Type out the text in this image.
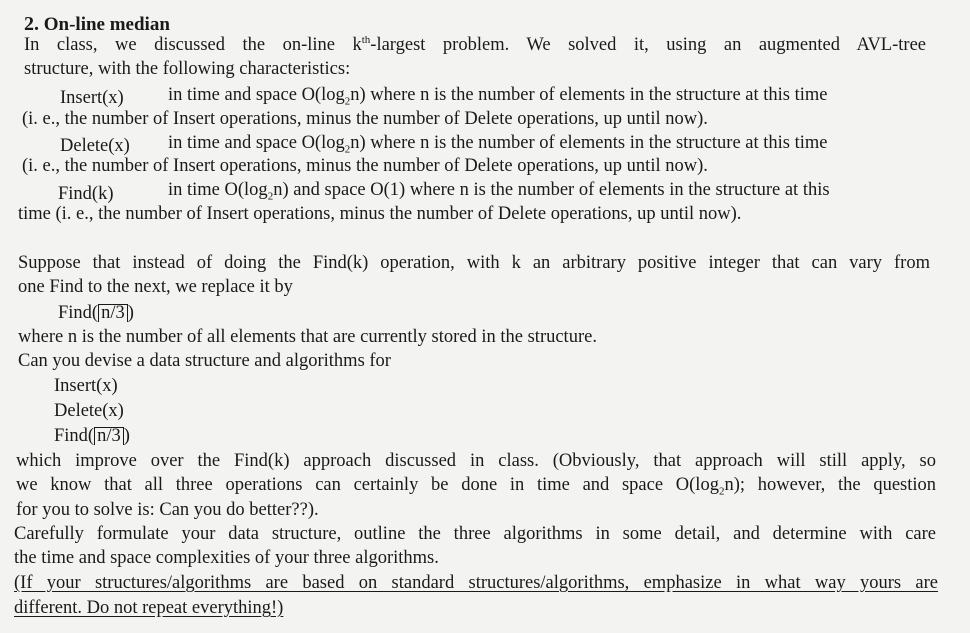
2. On-line median
In class, we discussed the on-line $k^{th}$-largest problem. We solved it, using an augmented AVL-tree
structure, with the following characteristics:
Insert(x) in time and space $O(\log_2n)$ where n is the number of elements in the structure at this time
(i. e., the number of Insert operations, minus the number of Delete operations, up until now).
Delete(x) in time and space $O(\log_2n)$ where n is the number of elements in the structure at this time
(i. e., the number of Insert operations, minus the number of Delete operations, up until now).
Find(k)	in time $O(\log_2n)$ and space O(1) where n is the number of elements in the structure at this
time (i. e., the number of Insert operations, minus the number of Delete operations, up until now).
Suppose that instead of doing the Find(k) operation, with k an arbitrary positive integer that can vary from
one Find to the next, we replace it by
Find( n/3 )
where n is the number of all elements that are currently stored in the structure.
Can you devise a data structure and algorithms for
Insert(x)
Delete(x)
Find( n/3 )
which improve over the Find(k) approach discussed in class. (Obviously, that approach will still apply, so
we know that all three operations can certainly be done in time and space $O(\log_2n)$; however, the question
for you to solve is: Can you do better??).
Carefully formulate your data structure, outline the three algorithms in some detail, and determine with care
the time and space complexities of your three algorithms.
(If your structures/algorithms are based on standard structures/algorithms, emphasize in what way yours are
different. Do not repeat everything!)
